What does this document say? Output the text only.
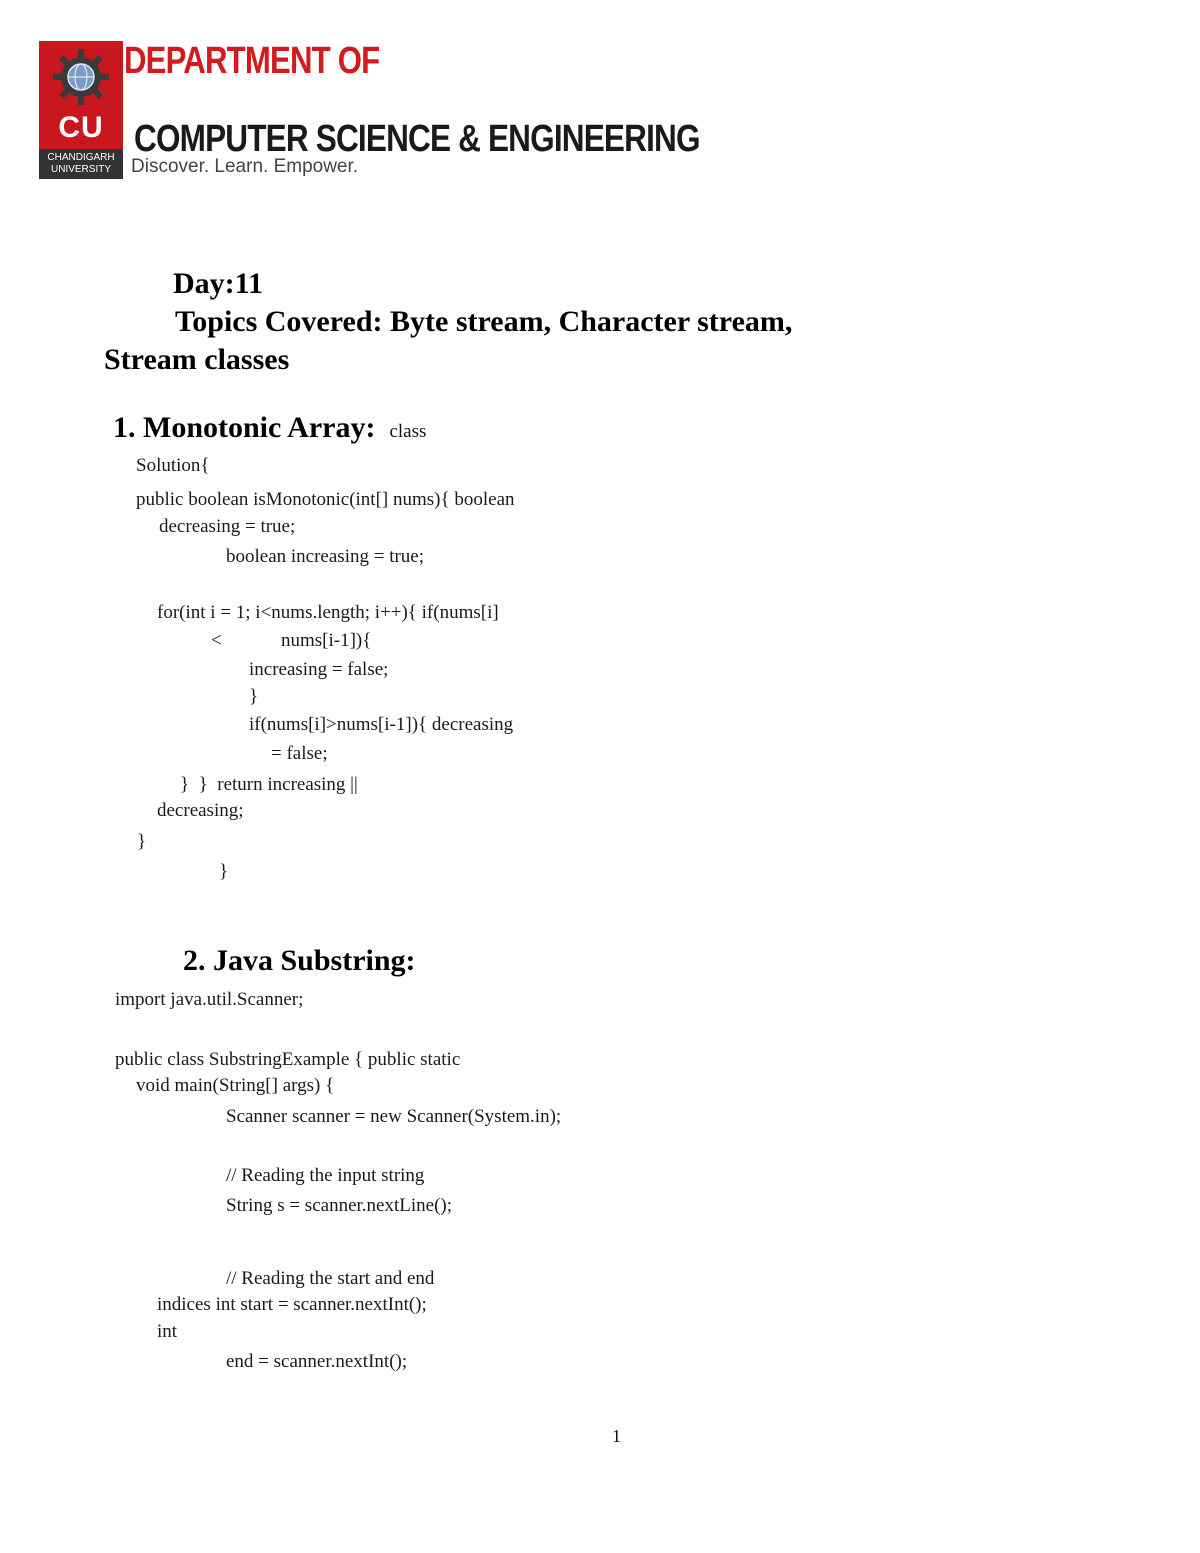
CU
CHANDIGARH
UNIVERSITY
DEPARTMENT OF
COMPUTER SCIENCE & ENGINEERING
Discover. Learn. Empower.
Day:11
Topics Covered: Byte stream, Character stream,
Stream classes
1. Monotonic Array: class
Solution{
public boolean isMonotonic(int[] nums){ boolean
decreasing = true;
boolean increasing = true;
for(int i = 1; i<nums.length; i++){ if(nums[i]
<	nums[i-1]){
increasing = false;
}
if(nums[i]>nums[i-1]){ decreasing
= false;
}  }  return increasing ||
decreasing;
}
}
2. Java Substring:
import java.util.Scanner;
public class SubstringExample { public static
void main(String[] args) {
Scanner scanner = new Scanner(System.in);
// Reading the input string
String s = scanner.nextLine();
// Reading the start and end
indices int start = scanner.nextInt();
int
end = scanner.nextInt();
1
